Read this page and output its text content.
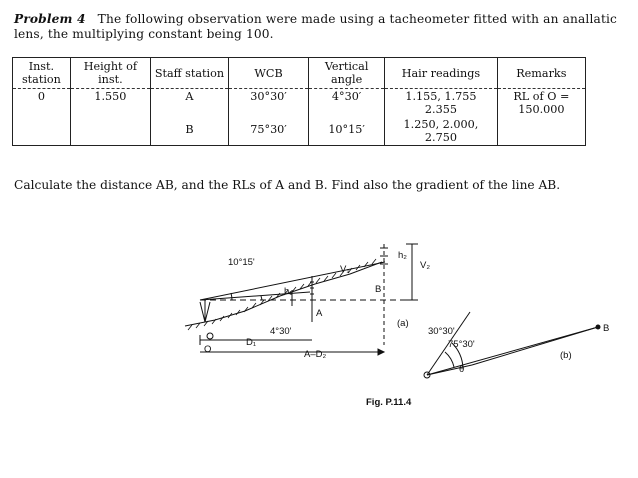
Problem 4 The following observation were made using a tacheometer fitted with an anallatic lens, the multiplying constant being 100.
Inst. station	Height of inst.	Staff station	WCB	Vertical angle	Hair readings	Remarks
0	1.550	A	30°30′	4°30′	1.155, 1.755 2.355	RL of O = 150.000
		B	75°30′	10°15′	1.250, 2.000, 2.750	
Calculate the distance AB, and the RLs of A and B. Find also the gradient of the line AB.
10°15'
4°30'
V₁	V₂
h₁
h₂
A
B
O
D₁
A–D₂
(a)
30°30'
75°30'
θ
B
(b)
Fig. P.11.4
